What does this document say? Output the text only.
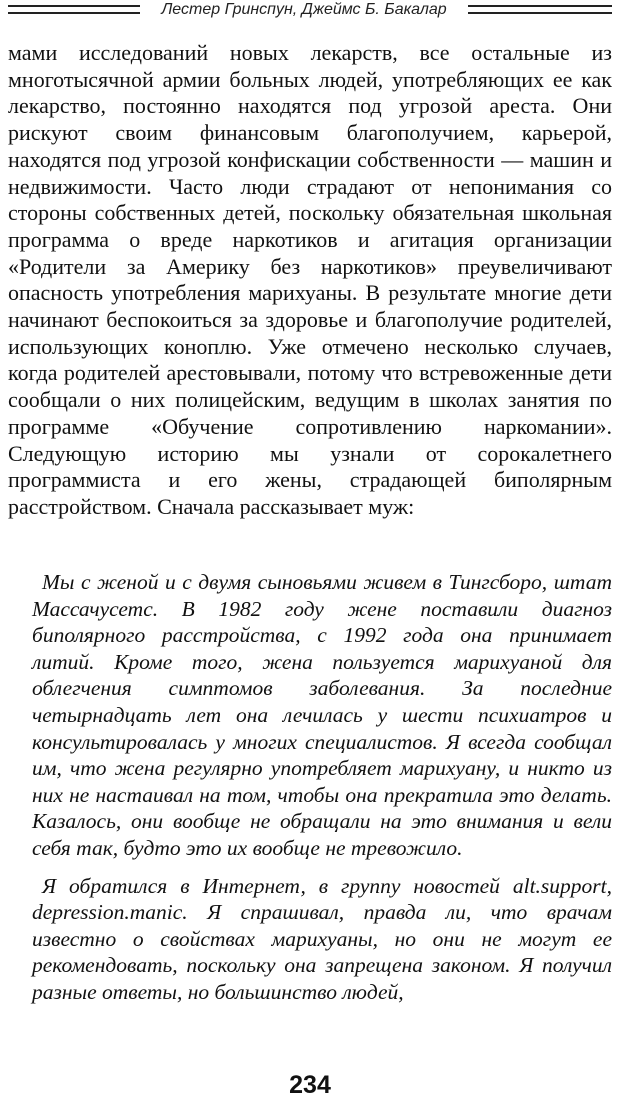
Лестер Гринспун, Джеймс Б. Бакалар

мами исследований новых лекарств, все остальные из многотысячной армии больных людей, употребляющих ее как лекарство, постоянно находятся под угрозой ареста. Они рискуют своим финансовым благополучием, карьерой, находятся под угрозой конфискации собственности — машин и недвижимости. Часто люди страдают от непонимания со стороны собственных детей, поскольку обязательная школьная программа о вреде наркотиков и агитация организации «Родители за Америку без наркотиков» преувеличивают опасность употребления марихуаны. В результате многие дети начинают беспокоиться за здоровье и благополучие родителей, использующих коноплю. Уже отмечено несколько случаев, когда родителей арестовывали, потому что встревоженные дети сообщали о них полицейским, ведущим в школах занятия по программе «Обучение сопротивлению наркомании». Следующую историю мы узнали от сорокалетнего программиста и его жены, страдающей биполярным расстройством. Сначала рассказывает муж:

Мы с женой и с двумя сыновьями живем в Тингсборо, штат Массачусетс. В 1982 году жене поставили диагноз биполярного расстройства, с 1992 года она принимает литий. Кроме того, жена пользуется марихуаной для облегчения симптомов заболевания. За последние четырнадцать лет она лечилась у шести психиатров и консультировалась у многих специалистов. Я всегда сообщал им, что жена регулярно употребляет марихуану, и никто из них не настаивал на том, чтобы она прекратила это делать. Казалось, они вообще не обращали на это внимания и вели себя так, будто это их вообще не тревожило.

Я обратился в Интернет, в группу новостей alt.support, depression.manic. Я спрашивал, правда ли, что врачам известно о свойствах марихуаны, но они не могут ее рекомендовать, поскольку она запрещена законом. Я получил разные ответы, но большинство людей,

234
